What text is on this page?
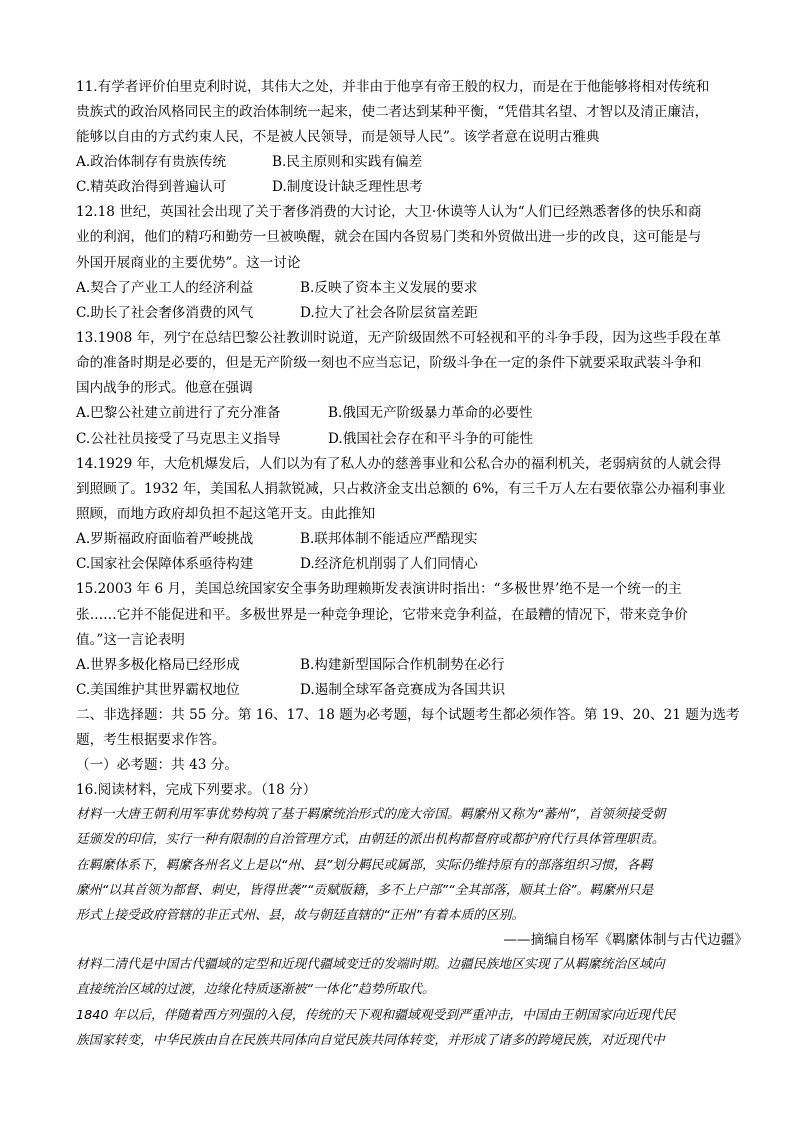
11.有学者评价伯里克利时说，其伟大之处，并非由于他享有帝王般的权力，而是在于他能够将相对传统和
贵族式的政治风格同民主的政治体制统一起来，使二者达到某种平衡，“凭借其名望、才智以及清正廉洁，
能够以自由的方式约束人民，不是被人民领导，而是领导人民”。该学者意在说明古雅典
A.政治体制存有贵族传统	B.民主原则和实践有偏差
C.精英政治得到普遍认可	D.制度设计缺乏理性思考
12.18 世纪，英国社会出现了关于奢侈消费的大讨论，大卫·休谟等人认为“人们已经熟悉奢侈的快乐和商
业的利润，他们的精巧和勤劳一旦被唤醒，就会在国内各贸易门类和外贸做出进一步的改良，这可能是与
外国开展商业的主要优势”。这一讨论
A.契合了产业工人的经济利益	B.反映了资本主义发展的要求
C.助长了社会奢侈消费的风气	D.拉大了社会各阶层贫富差距
13.1908 年，列宁在总结巴黎公社教训时说道，无产阶级固然不可轻视和平的斗争手段，因为这些手段在革
命的准备时期是必要的，但是无产阶级一刻也不应当忘记，阶级斗争在一定的条件下就要采取武装斗争和
国内战争的形式。他意在强调
A.巴黎公社建立前进行了充分准备	B.俄国无产阶级暴力革命的必要性
C.公社社员接受了马克思主义指导	D.俄国社会存在和平斗争的可能性
14.1929 年，大危机爆发后，人们以为有了私人办的慈善事业和公私合办的福利机关，老弱病贫的人就会得
到照顾了。1932 年，美国私人捐款锐减，只占救济金支出总额的 6%，有三千万人左右要依靠公办福利事业
照顾，而地方政府却负担不起这笔开支。由此推知
A.罗斯福政府面临着严峻挑战	B.联邦体制不能适应严酷现实
C.国家社会保障体系亟待构建	D.经济危机削弱了人们同情心
15.2003 年 6 月，美国总统国家安全事务助理赖斯发表演讲时指出：“多极世界’绝不是一个统一的主
张……它并不能促进和平。多极世界是一种竞争理论，它带来竞争利益，在最糟的情况下，带来竞争价
值。”这一言论表明
A.世界多极化格局已经形成	B.构建新型国际合作机制势在必行
C.美国维护其世界霸权地位	D.遏制全球军备竞赛成为各国共识
二、非选择题：共 55 分。第 16、17、18 题为必考题，每个试题考生都必须作答。第 19、20、21 题为选考
题，考生根据要求作答。
（一）必考题：共 43 分。
16.阅读材料，完成下列要求。（18 分）
材料一大唐王朝利用军事优势构筑了基于羁縻统治形式的庞大帝国。羁縻州又称为“蕃州”，首领须接受朝
廷颁发的印信，实行一种有限制的自治管理方式，由朝廷的派出机构都督府或都护府代行具体管理职责。
在羁縻体系下，羁縻各州名义上是以“州、县”划分羁民或属部，实际仍维持原有的部落组织习惯，各羁
縻州“以其首领为都督、刺史，皆得世袭”“贡赋版籍，多不上户部”“全其部落，顺其土俗”。羁縻州只是
形式上接受政府管辖的非正式州、县，故与朝廷直辖的“正州”有着本质的区别。
——摘编自杨军《羁縻体制与古代边疆》
材料二清代是中国古代疆域的定型和近现代疆域变迁的发端时期。边疆民族地区实现了从羁縻统治区域向
直接统治区域的过渡，边缘化特质逐渐被“一体化”趋势所取代。
1840 年以后，伴随着西方列强的入侵，传统的天下观和疆域观受到严重冲击，中国由王朝国家向近现代民
族国家转变，中华民族由自在民族共同体向自觉民族共同体转变，并形成了诸多的跨境民族，对近现代中
